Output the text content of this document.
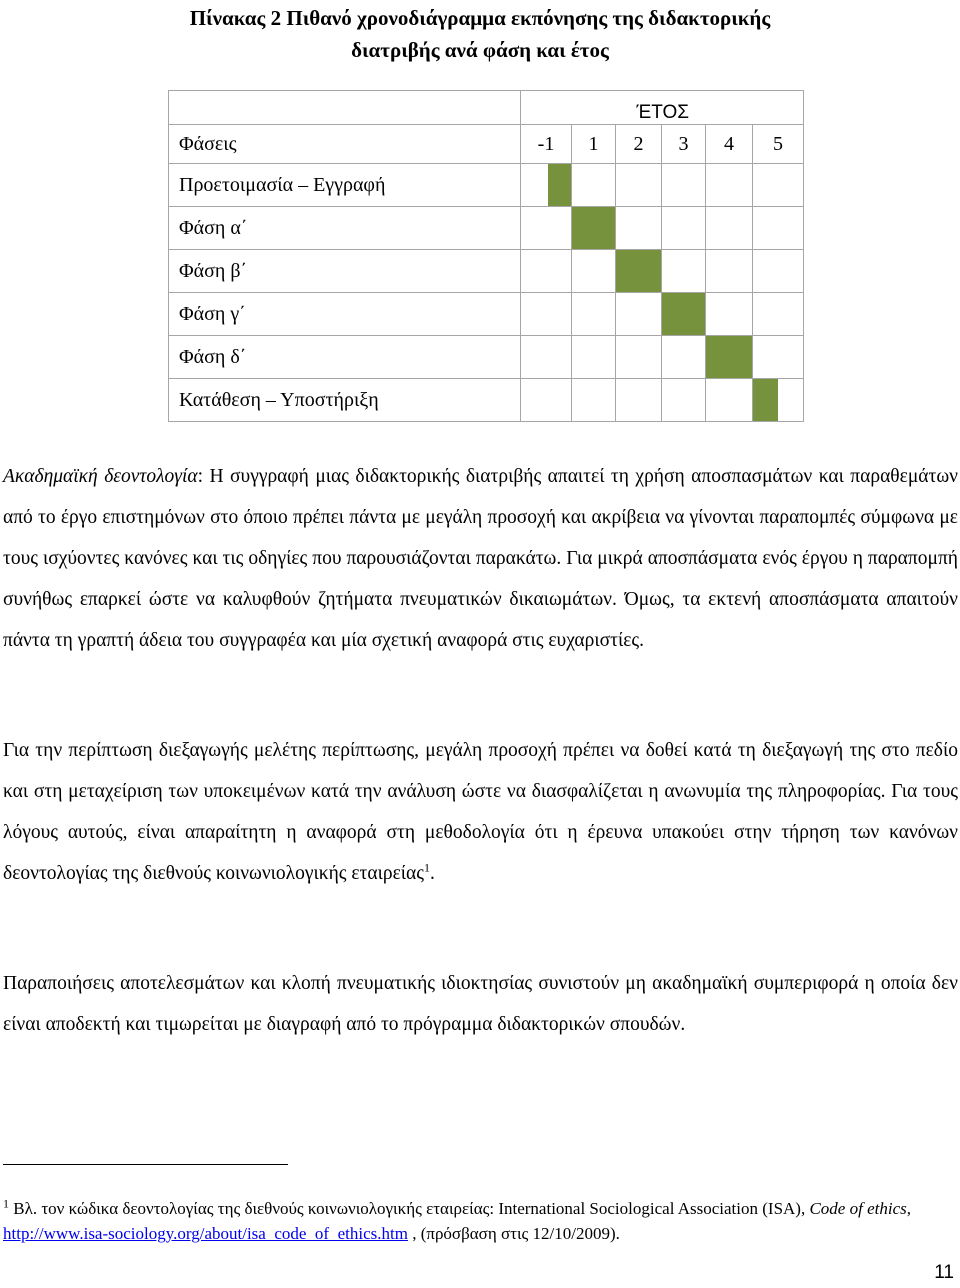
Πίνακας 2 Πιθανό χρονοδιάγραμμα εκπόνησης της διδακτορικής
διατριβής ανά φάση και έτος
	ΈΤΟΣ					
Φάσεις	-1	1	2	3	4	5
Προετοιμασία – Εγγραφή						
Φάση α΄						
Φάση β΄						
Φάση γ΄						
Φάση δ΄						
Κατάθεση – Υποστήριξη						
Ακαδημαϊκή δεοντολογία: Η συγγραφή μιας διδακτορικής διατριβής απαιτεί τη χρήση αποσπασμάτων και παραθεμάτων από το έργο επιστημόνων στο όποιο πρέπει πάντα με μεγάλη προσοχή και ακρίβεια να γίνονται παραπομπές σύμφωνα με τους ισχύοντες κανόνες και τις οδηγίες που παρουσιάζονται παρακάτω. Για μικρά αποσπάσματα ενός έργου η παραπομπή συνήθως επαρκεί ώστε να καλυφθούν ζητήματα πνευματικών δικαιωμάτων. Όμως, τα εκτενή αποσπάσματα απαιτούν πάντα τη γραπτή άδεια του συγγραφέα και μία σχετική αναφορά στις ευχαριστίες.
Για την περίπτωση διεξαγωγής μελέτης περίπτωσης, μεγάλη προσοχή πρέπει να δοθεί κατά τη διεξαγωγή της στο πεδίο και στη μεταχείριση των υποκειμένων κατά την ανάλυση ώστε να διασφαλίζεται η ανωνυμία της πληροφορίας. Για τους λόγους αυτούς, είναι απαραίτητη η αναφορά στη μεθοδολογία ότι η έρευνα υπακούει στην τήρηση των κανόνων δεοντολογίας της διεθνούς κοινωνιολογικής εταιρείας$^1$.
Παραποιήσεις αποτελεσμάτων και κλοπή πνευματικής ιδιοκτησίας συνιστούν μη ακαδημαϊκή συμπεριφορά η οποία δεν είναι αποδεκτή και τιμωρείται με διαγραφή από το πρόγραμμα διδακτορικών σπουδών.
$^1$ Βλ. τον κώδικα δεοντολογίας της διεθνούς κοινωνιολογικής εταιρείας: International Sociological Association (ISA), Code of ethics, http://www.isa-sociology.org/about/isa_code_of_ethics.htm , (πρόσβαση στις 12/10/2009).
11
